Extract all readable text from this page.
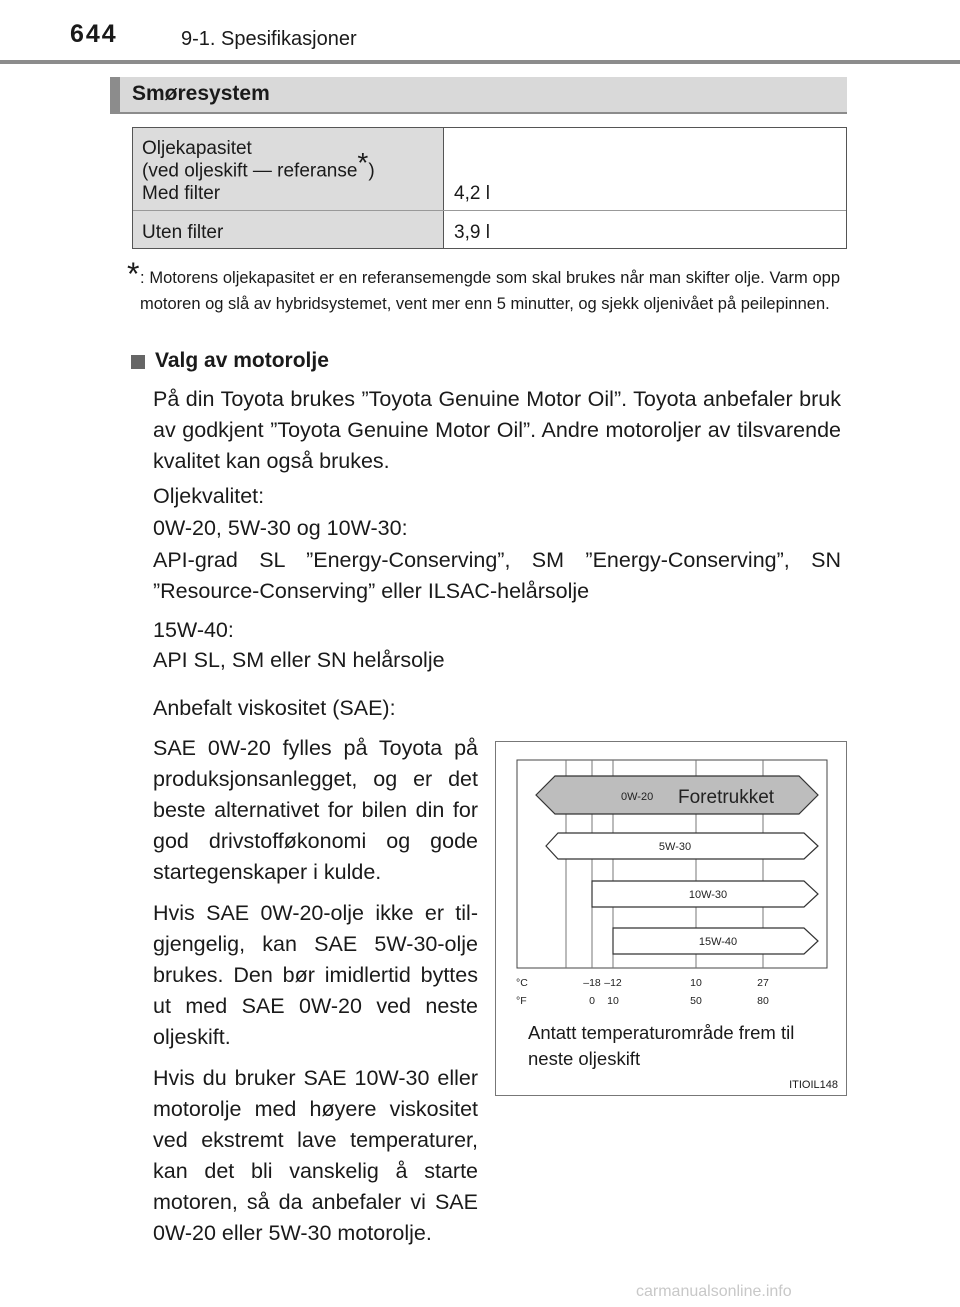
644	9-1. Spesifikasjoner
Smøresystem
Oljekapasitet
(ved oljeskift — referanse*)
Med filter	4,2 l
Uten filter	3,9 l
* : Motorens oljekapasitet er en referansemengde som skal brukes når man skifter olje. Varm opp motoren og slå av hybridsystemet, vent mer enn 5 minutter, og sjekk oljenivået på peilepinnen.
Valg av motorolje
På din Toyota brukes ”Toyota Genuine Motor Oil”. Toyota anbefaler bruk av godkjent ”Toyota Genuine Motor Oil”. Andre motoroljer av tilsvarende kvalitet kan også brukes.
Oljekvalitet:
0W-20, 5W-30 og 10W-30:
API-grad SL ”Energy-Conserving”, SM ”Energy-Conserving”, SN ”Resource-Conserving” eller ILSAC-helårsolje
15W-40:
API SL, SM eller SN helårsolje
Anbefalt viskositet (SAE):

SAE 0W-20 fylles på Toyota på produksjonsanlegget, og er det beste alternativet for bilen din for god drivstofføkonomi og gode startegenskaper i kulde.

Hvis SAE 0W-20-olje ikke er til-gjengelig, kan SAE 5W-30-olje brukes. Den bør imidlertid byttes ut med SAE 0W-20 ved neste oljeskift.

Hvis du bruker SAE 10W-30 eller motorolje med høyere viskositet ved ekstremt lave temperaturer, kan det bli vanskelig å starte motoren, så da anbefaler vi SAE 0W-20 eller 5W-30 motorolje.

0W-20 Foretrukket
5W-30
10W-30
15W-40
°C
°F
–18 –12	10	27
0 10	50	80
Antatt temperaturområde frem til neste oljeskift
ITIOIL148
carmanualsonline.info
